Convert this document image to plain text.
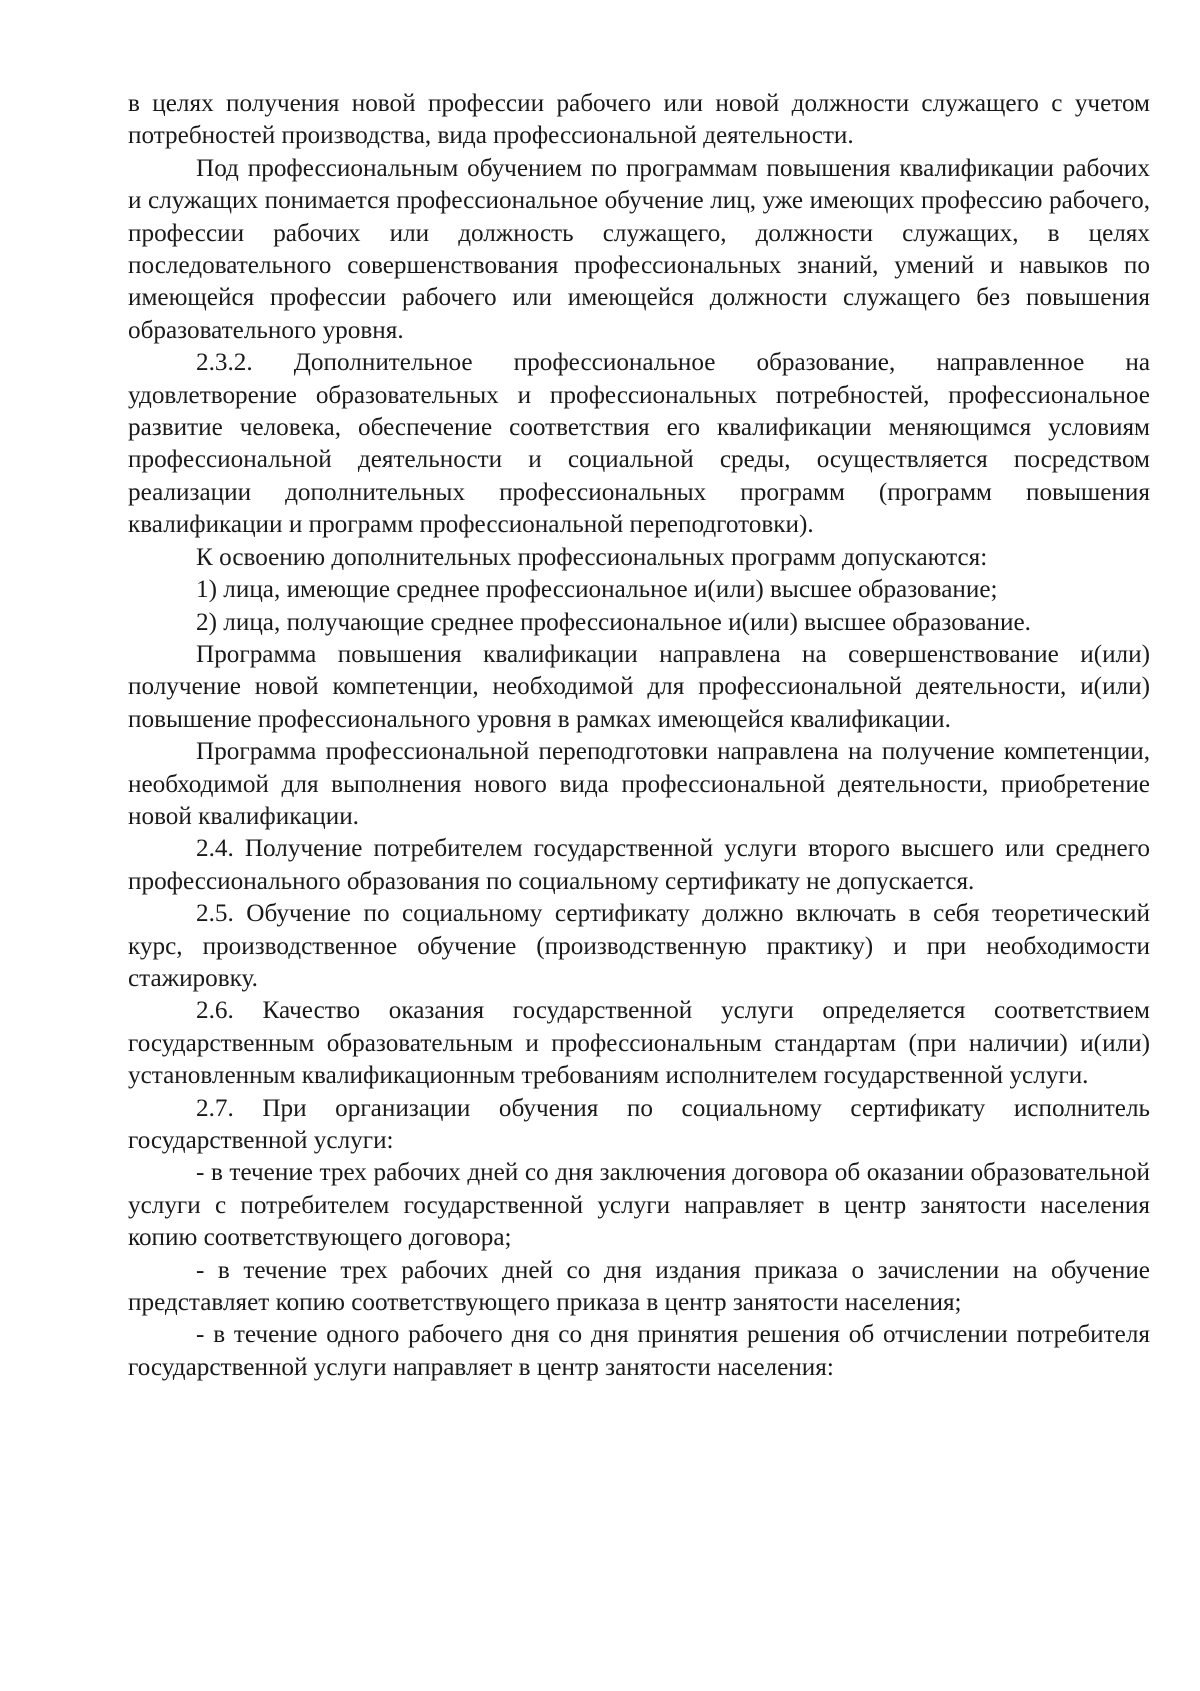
в целях получения новой профессии рабочего или новой должности служащего с учетом потребностей производства, вида профессиональной деятельности.

Под профессиональным обучением по программам повышения квалификации рабочих и служащих понимается профессиональное обучение лиц, уже имеющих профессию рабочего, профессии рабочих или должность служащего, должности служащих, в целях последовательного совершенствования профессиональных знаний, умений и навыков по имеющейся профессии рабочего или имеющейся должности служащего без повышения образовательного уровня.

2.3.2. Дополнительное профессиональное образование, направленное на удовлетворение образовательных и профессиональных потребностей, профессиональное развитие человека, обеспечение соответствия его квалификации меняющимся условиям профессиональной деятельности и социальной среды, осуществляется посредством реализации дополнительных профессиональных программ (программ повышения квалификации и программ профессиональной переподготовки).

К освоению дополнительных профессиональных программ допускаются:

1) лица, имеющие среднее профессиональное и(или) высшее образование;

2) лица, получающие среднее профессиональное и(или) высшее образование.

Программа повышения квалификации направлена на совершенствование и(или) получение новой компетенции, необходимой для профессиональной деятельности, и(или) повышение профессионального уровня в рамках имеющейся квалификации.

Программа профессиональной переподготовки направлена на получение компетенции, необходимой для выполнения нового вида профессиональной деятельности, приобретение новой квалификации.

2.4. Получение потребителем государственной услуги второго высшего или среднего профессионального образования по социальному сертификату не допускается.

2.5. Обучение по социальному сертификату должно включать в себя теоретический курс, производственное обучение (производственную практику) и при необходимости стажировку.

2.6. Качество оказания государственной услуги определяется соответствием государственным образовательным и профессиональным стандартам (при наличии) и(или) установленным квалификационным требованиям исполнителем государственной услуги.

2.7. При организации обучения по социальному сертификату исполнитель государственной услуги:

- в течение трех рабочих дней со дня заключения договора об оказании образовательной услуги с потребителем государственной услуги направляет в центр занятости населения копию соответствующего договора;

- в течение трех рабочих дней со дня издания приказа о зачислении на обучение представляет копию соответствующего приказа в центр занятости населения;

- в течение одного рабочего дня со дня принятия решения об отчислении потребителя государственной услуги направляет в центр занятости населения:
